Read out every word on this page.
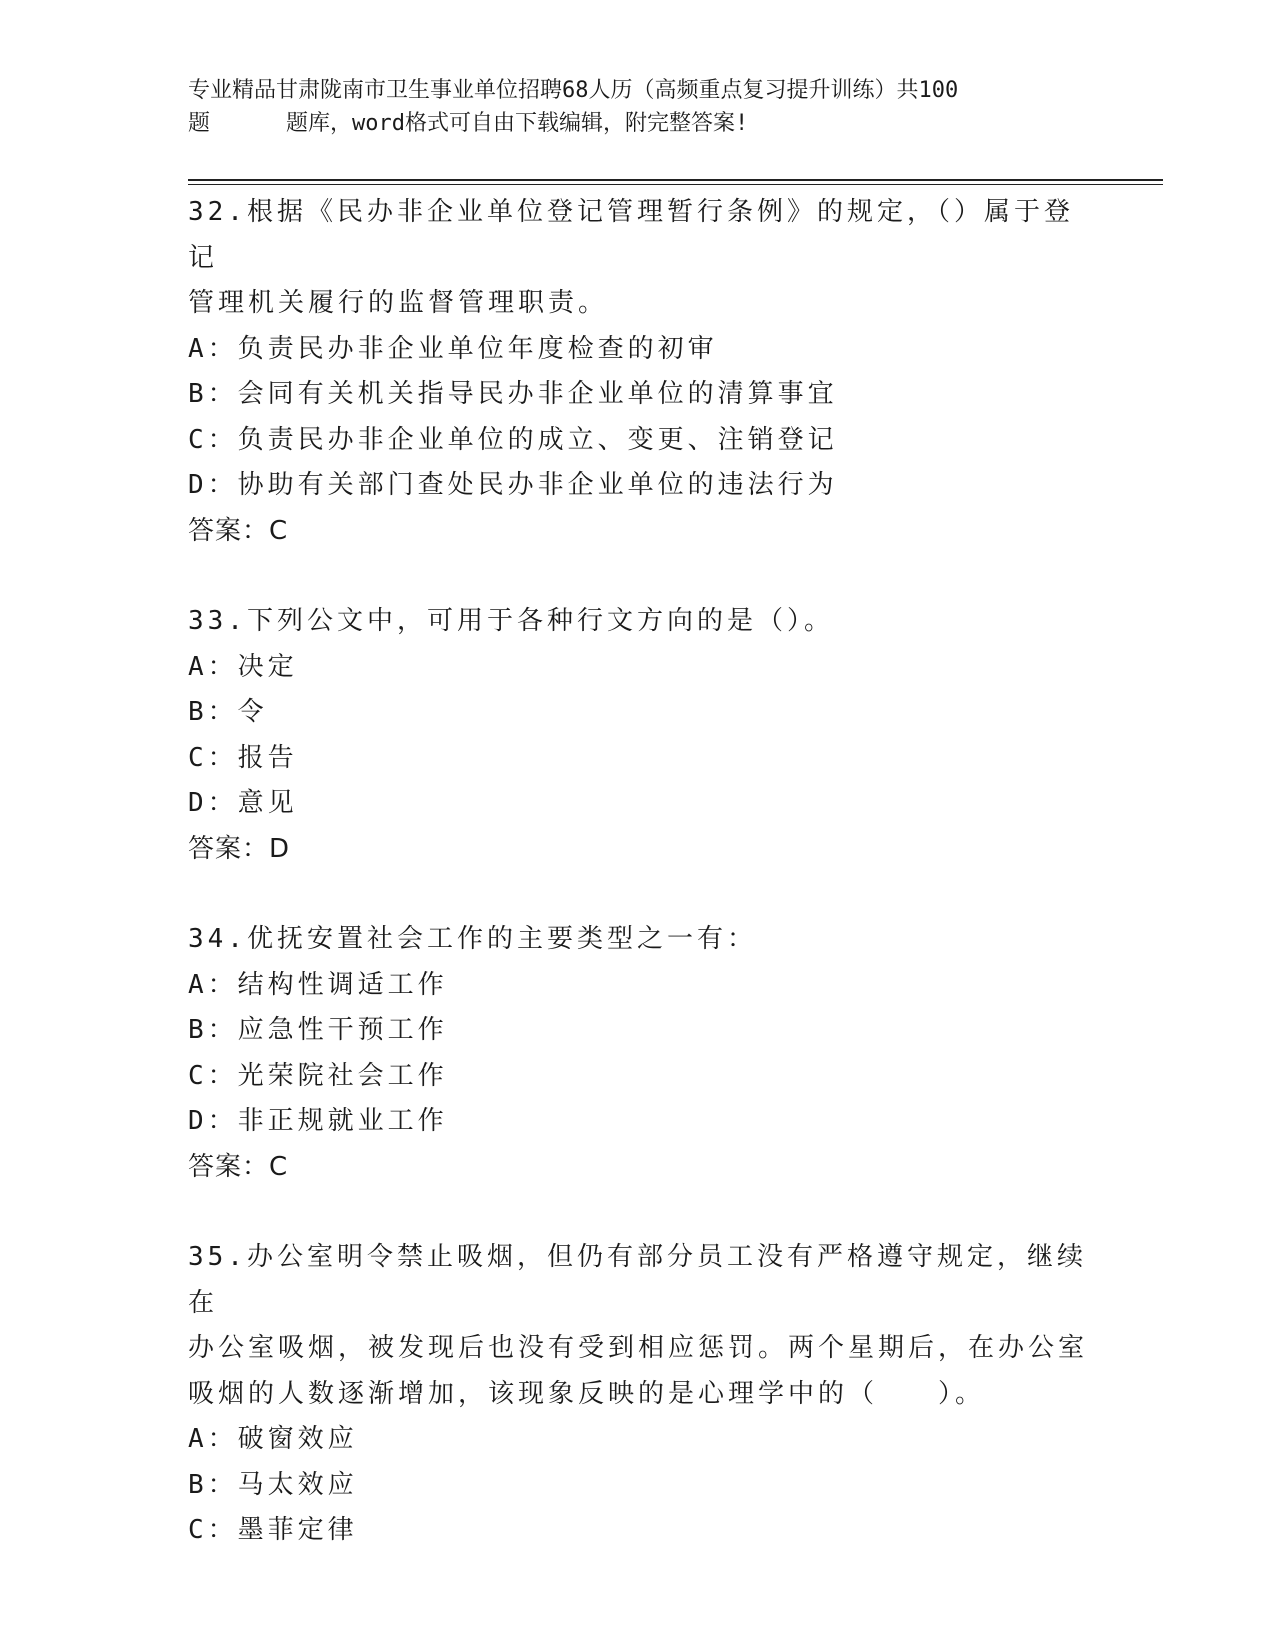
专业精品甘肃陇南市卫生事业单位招聘68人历（高频重点复习提升训练）共100
题	题库，word格式可自由下载编辑，附完整答案!

32.根据《民办非企业单位登记管理暂行条例》的规定，（）属于登记

管理机关履行的监督管理职责。

A：负责民办非企业单位年度检查的初审

B：会同有关机关指导民办非企业单位的清算事宜

C：负责民办非企业单位的成立、变更、注销登记

D：协助有关部门查处民办非企业单位的违法行为

答案：C

33.下列公文中，可用于各种行文方向的是（）。

A：决定

B：令

C：报告

D：意见

答案：D

34.优抚安置社会工作的主要类型之一有：

A：结构性调适工作

B：应急性干预工作

C：光荣院社会工作

D：非正规就业工作

答案：C

35.办公室明令禁止吸烟，但仍有部分员工没有严格遵守规定，继续在

办公室吸烟，被发现后也没有受到相应惩罚。两个星期后，在办公室

吸烟的人数逐渐增加，该现象反映的是心理学中的（　　）。

A：破窗效应

B：马太效应

C：墨菲定律
